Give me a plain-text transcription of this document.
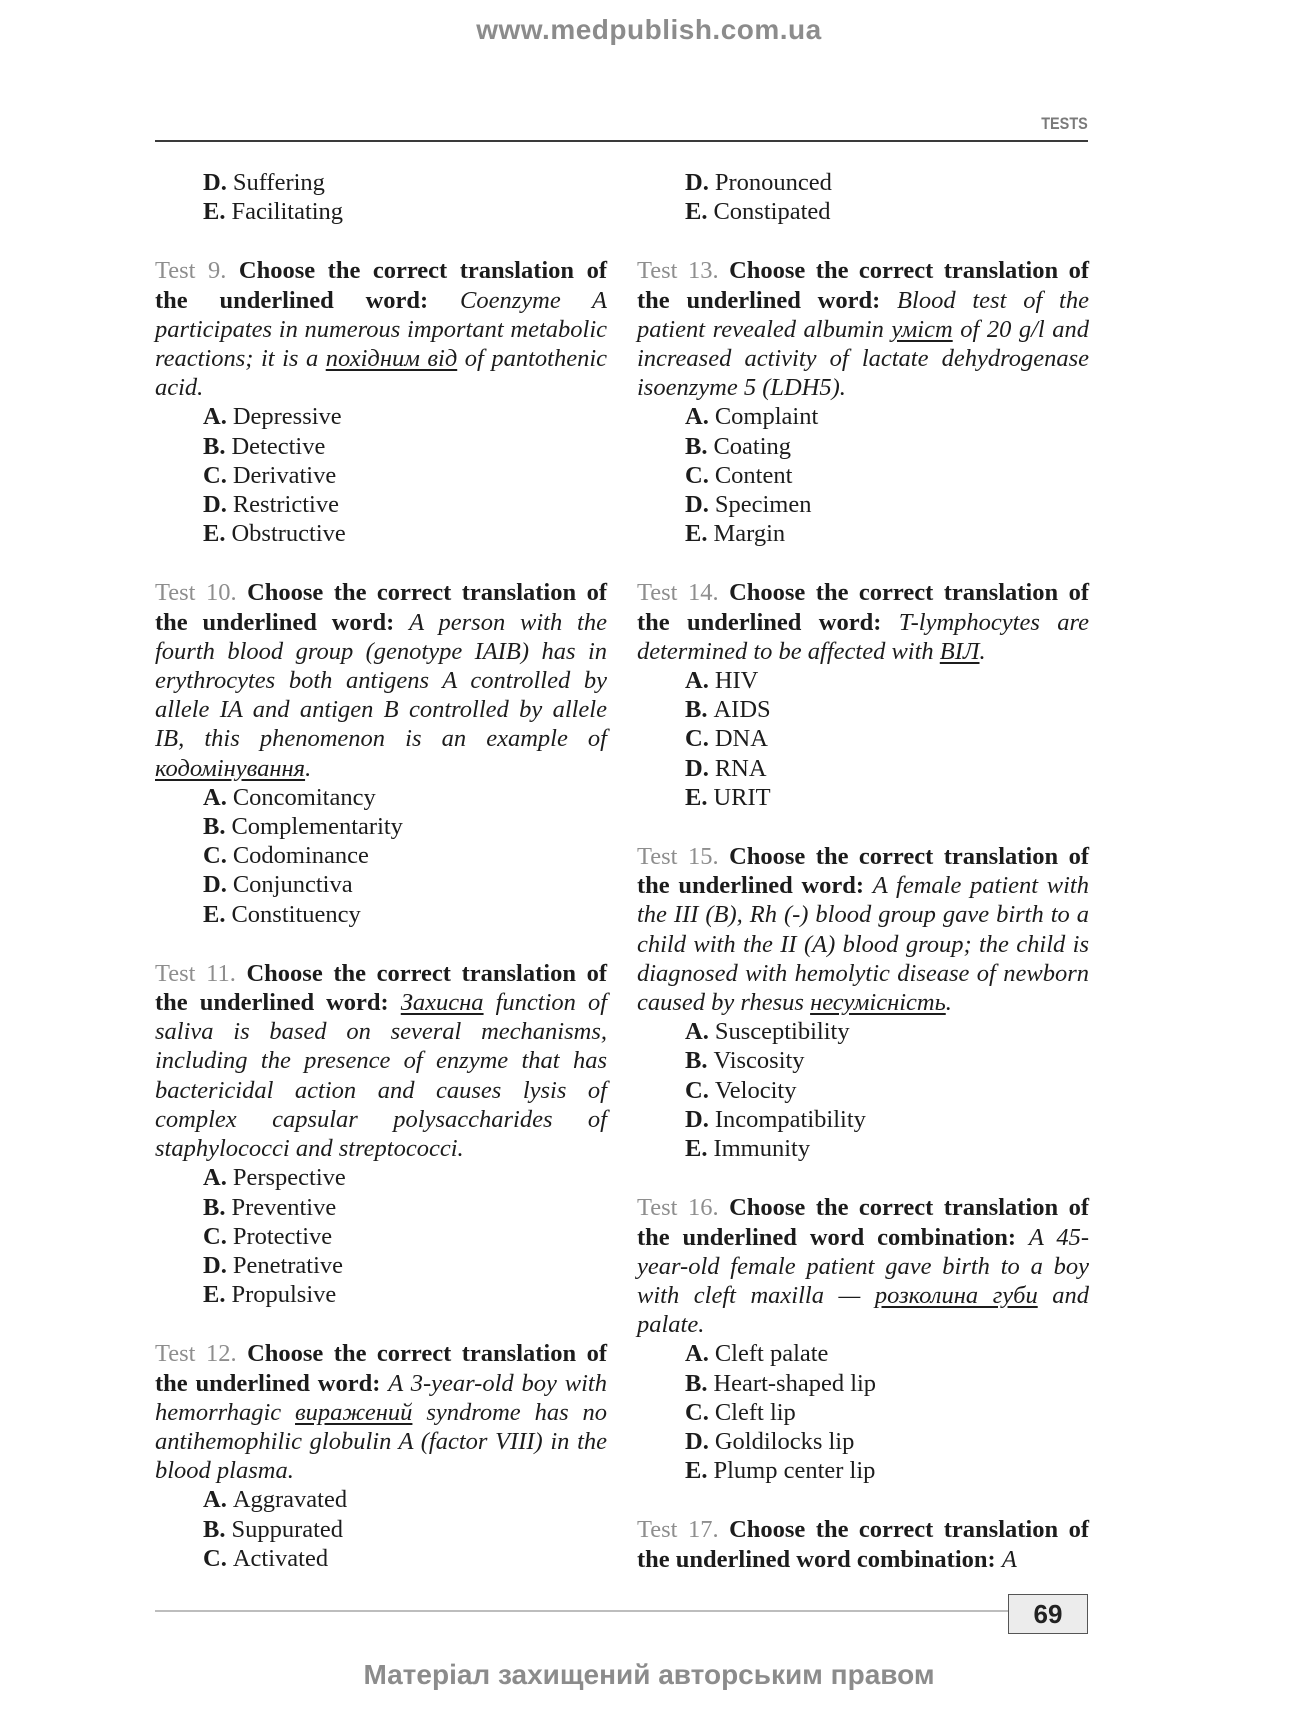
www.medpublish.com.ua
TESTS
D. Suffering
E. Facilitating

Test 9. Choose the correct translation of the underlined word: Coenzyme A participates in numerous important metabolic reactions; it is a похідним від of pantothenic acid.

A. Depressive
B. Detective
C. Derivative
D. Restrictive
E. Obstructive

Test 10. Choose the correct translation of the underlined word: A person with the fourth blood group (genotype IAIB) has in erythrocytes both antigens A controlled by allele IA and antigen B controlled by allele IB, this phenomenon is an example of кодомінування.

A. Concomitancy
B. Complementarity
C. Codominance
D. Conjunctiva
E. Constituency

Test 11. Choose the correct translation of the underlined word: Захисна function of saliva is based on several mechanisms, including the presence of enzyme that has bactericidal action and causes lysis of complex capsular polysaccharides of staphylococci and streptococci.

A. Perspective
B. Preventive
C. Protective
D. Penetrative
E. Propulsive

Test 12. Choose the correct translation of the underlined word: A 3-year-old boy with hemorrhagic виражений syndrome has no antihemophilic globulin A (factor VIII) in the blood plasma.

A. Aggravated
B. Suppurated
C. Activated
D. Pronounced
E. Constipated

Test 13. Choose the correct translation of the underlined word: Blood test of the patient revealed albumin умісm of 20 g/l and increased activity of lactate dehydrogenase isoenzyme 5 (LDH5).

A. Complaint
B. Coating
C. Content
D. Specimen
E. Margin

Test 14. Choose the correct translation of the underlined word: T-lymphocytes are determined to be affected with ВІЛ.

A. HIV
B. AIDS
C. DNA
D. RNA
E. URIT

Test 15. Choose the correct translation of the underlined word: A female patient with the III (B), Rh (-) blood group gave birth to a child with the II (A) blood group; the child is diagnosed with hemolytic disease of newborn caused by rhesus несумісність.

A. Susceptibility
B. Viscosity
C. Velocity
D. Incompatibility
E. Immunity

Test 16. Choose the correct translation of the underlined word combination: A 45-year-old female patient gave birth to a boy with cleft maxilla — розколина губи and palate.

A. Cleft palate
B. Heart-shaped lip
C. Cleft lip
D. Goldilocks lip
E. Plump center lip

Test 17. Choose the correct translation of the underlined word combination: A

69
Матеріал захищений авторським правом
